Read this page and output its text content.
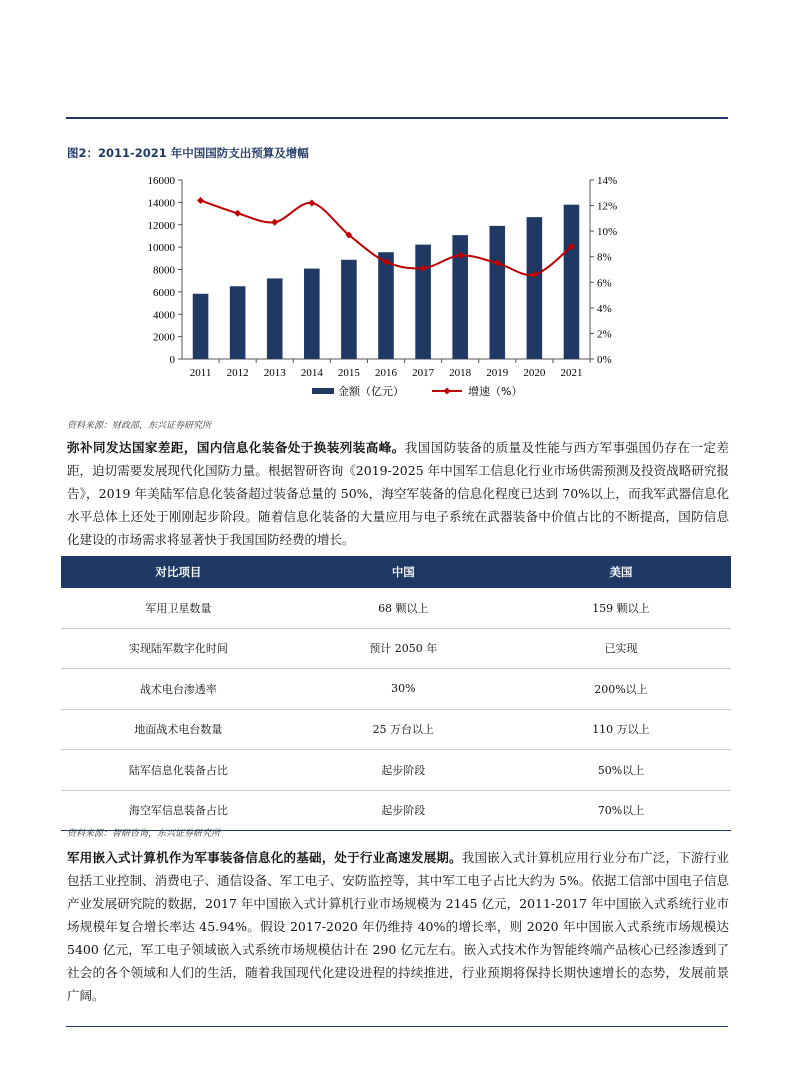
图2：2011-2021 年中国国防支出预算及增幅
0
2000
4000
6000
8000
10000
12000
14000
16000
0%
2%
4%
6%
8%
10%
12%
14%
2011 2012 2013 2014 2015 2016 2017 2018 2019 2020 2021
金额（亿元）	增速（%）
资料来源：财政部，东兴证券研究所
弥补同发达国家差距，国内信息化装备处于换装列装高峰。我国国防装备的质量及性能与西方军事强国仍存在一定差距，迫切需要发展现代化国防力量。根据智研咨询《2019-2025 年中国军工信息化行业市场供需预测及投资战略研究报告》，2019 年美陆军信息化装备超过装备总量的 50%，海空军装备的信息化程度已达到 70%以上，而我军武器信息化水平总体上还处于刚刚起步阶段。随着信息化装备的大量应用与电子系统在武器装备中价值占比的不断提高，国防信息化建设的市场需求将显著快于我国国防经费的增长。
对比项目	中国	美国
军用卫星数量	68 颗以上	159 颗以上
实现陆军数字化时间	预计 2050 年	已实现
战术电台渗透率	30%	200%以上
地面战术电台数量	25 万台以上	110 万以上
陆军信息化装备占比	起步阶段	50%以上
海空军信息装备占比	起步阶段	70%以上
资料来源：智研咨询，东兴证券研究所
军用嵌入式计算机作为军事装备信息化的基础，处于行业高速发展期。我国嵌入式计算机应用行业分布广泛，下游行业包括工业控制、消费电子、通信设备、军工电子、安防监控等，其中军工电子占比大约为 5%。依据工信部中国电子信息产业发展研究院的数据，2017 年中国嵌入式计算机行业市场规模为 2145 亿元，2011-2017 年中国嵌入式系统行业市场规模年复合增长率达 45.94%。假设 2017-2020 年仍维持 40%的增长率，则 2020 年中国嵌入式系统市场规模达 5400 亿元，军工电子领域嵌入式系统市场规模估计在 290 亿元左右。嵌入式技术作为智能终端产品核心已经渗透到了社会的各个领域和人们的生活，随着我国现代化建设进程的持续推进，行业预期将保持长期快速增长的态势，发展前景广阔。
